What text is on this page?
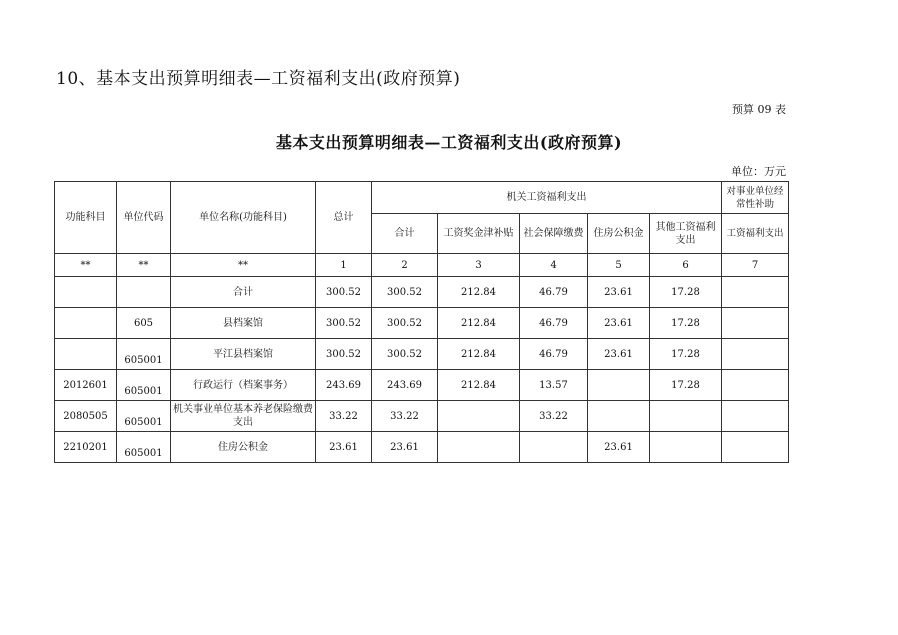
10、基本支出预算明细表—工资福利支出(政府预算)
预算 09 表
基本支出预算明细表—工资福利支出(政府预算)
单位：万元
功能科目	单位代码	单位名称(功能科目)	总计	机关工资福利支出					对事业单位经常性补助
				合计	工资奖金津补贴	社会保障缴费	住房公积金	其他工资福利支出	工资福利支出
**	**	**	1	2	3	4	5	6	7
		合计	300.52	300.52	212.84	46.79	23.61	17.28	
	605	县档案馆	300.52	300.52	212.84	46.79	23.61	17.28	
	605001	平江县档案馆	300.52	300.52	212.84	46.79	23.61	17.28	
2012601	605001	行政运行（档案事务）	243.69	243.69	212.84	13.57		17.28	
2080505	605001	机关事业单位基本养老保险缴费支出	33.22	33.22		33.22			
2210201	605001	住房公积金	23.61	23.61			23.61		
